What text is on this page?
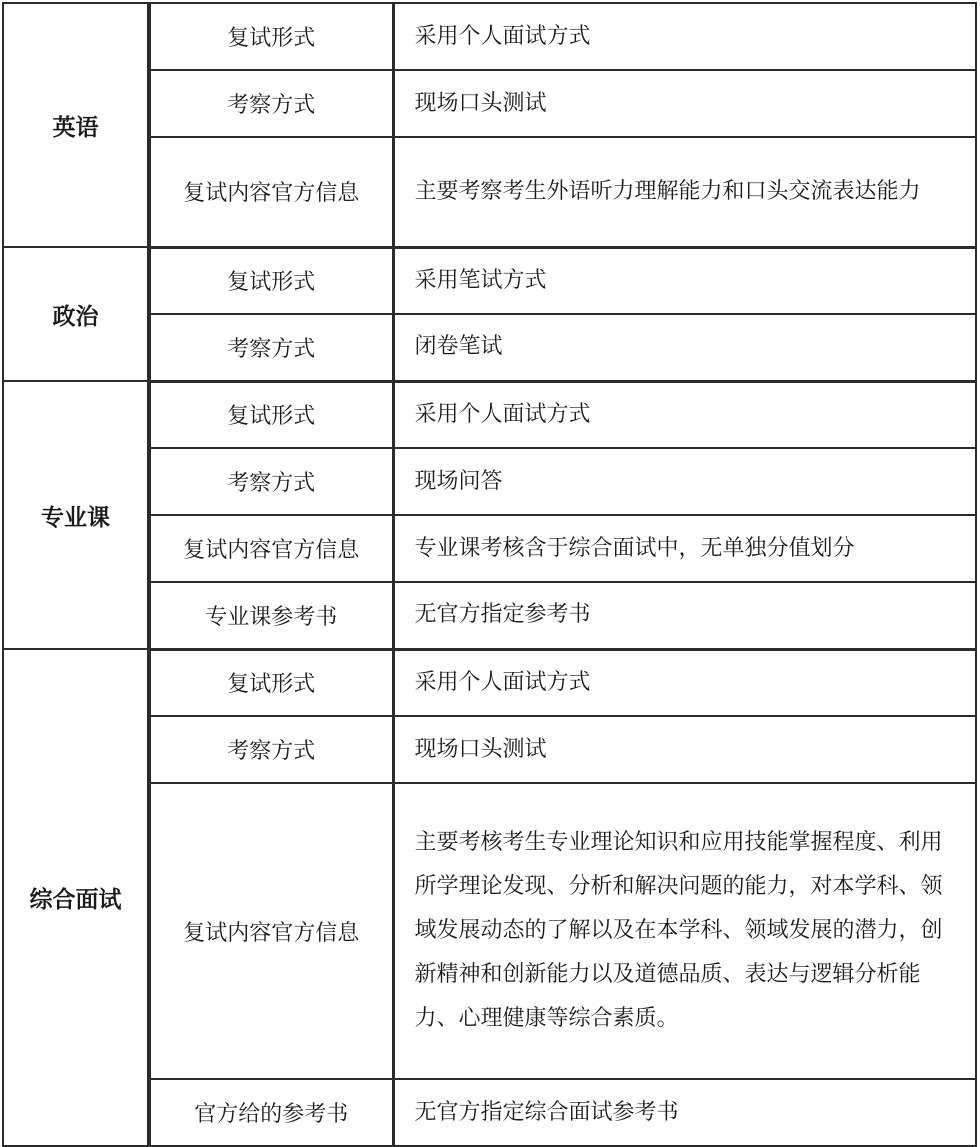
英语	复试形式	采用个人面试方式
	考察方式	现场口头测试
	复试内容官方信息	主要考察考生外语听力理解能力和口头交流表达能力
政治	复试形式	采用笔试方式
	考察方式	闭卷笔试
专业课	复试形式	采用个人面试方式
	考察方式	现场问答
	复试内容官方信息	专业课考核含于综合面试中，无单独分值划分
	专业课参考书	无官方指定参考书
综合面试	复试形式	采用个人面试方式
	考察方式	现场口头测试
	复试内容官方信息	主要考核考生专业理论知识和应用技能掌握程度、利用所学理论发现、分析和解决问题的能力，对本学科、领域发展动态的了解以及在本学科、领域发展的潜力，创新精神和创新能力以及道德品质、表达与逻辑分析能力、心理健康等综合素质。
	官方给的参考书	无官方指定综合面试参考书
